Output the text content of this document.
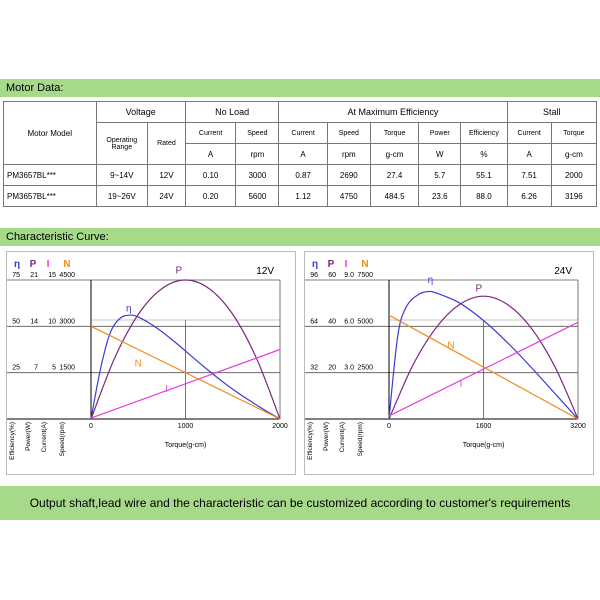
Motor Data:
Motor Model	Voltage		No Load		At Maximum Efficiency					Stall	
	Operating Range	Rated	Current	Speed	Current	Speed	Torque	Power	Efficiency	Current	Torque
			A	rpm	A	rpm	g-cm	W	%	A	g-cm
PM3657BL***	9~14V	12V	0.10	3000	0.87	2690	27.4	5.7	55.1	7.51	2000
PM3657BL***	19~26V	24V	0.20	5600	1.12	4750	484.5	23.6	88.0	6.26	3196
Characteristic Curve:
η P I N
12V
75
50
25
21
14
7
15
10
5
4500
3000
1500
0	1000	2000
Torque(g-cm)
Efficiency(%) Power(W) Current(A) Speed(rpm)
η
P
I
N
η P I N
24V
96
64
32
60
40
20
9.0
6.0
3.0
7500
5000
2500
0	1600	3200
Torque(g-cm)
Efficiency(%) Power(W) Current(A) Speed(rpm)
η
P
I
N
Output shaft,lead wire and the characteristic can be customized according to customer's requirements
